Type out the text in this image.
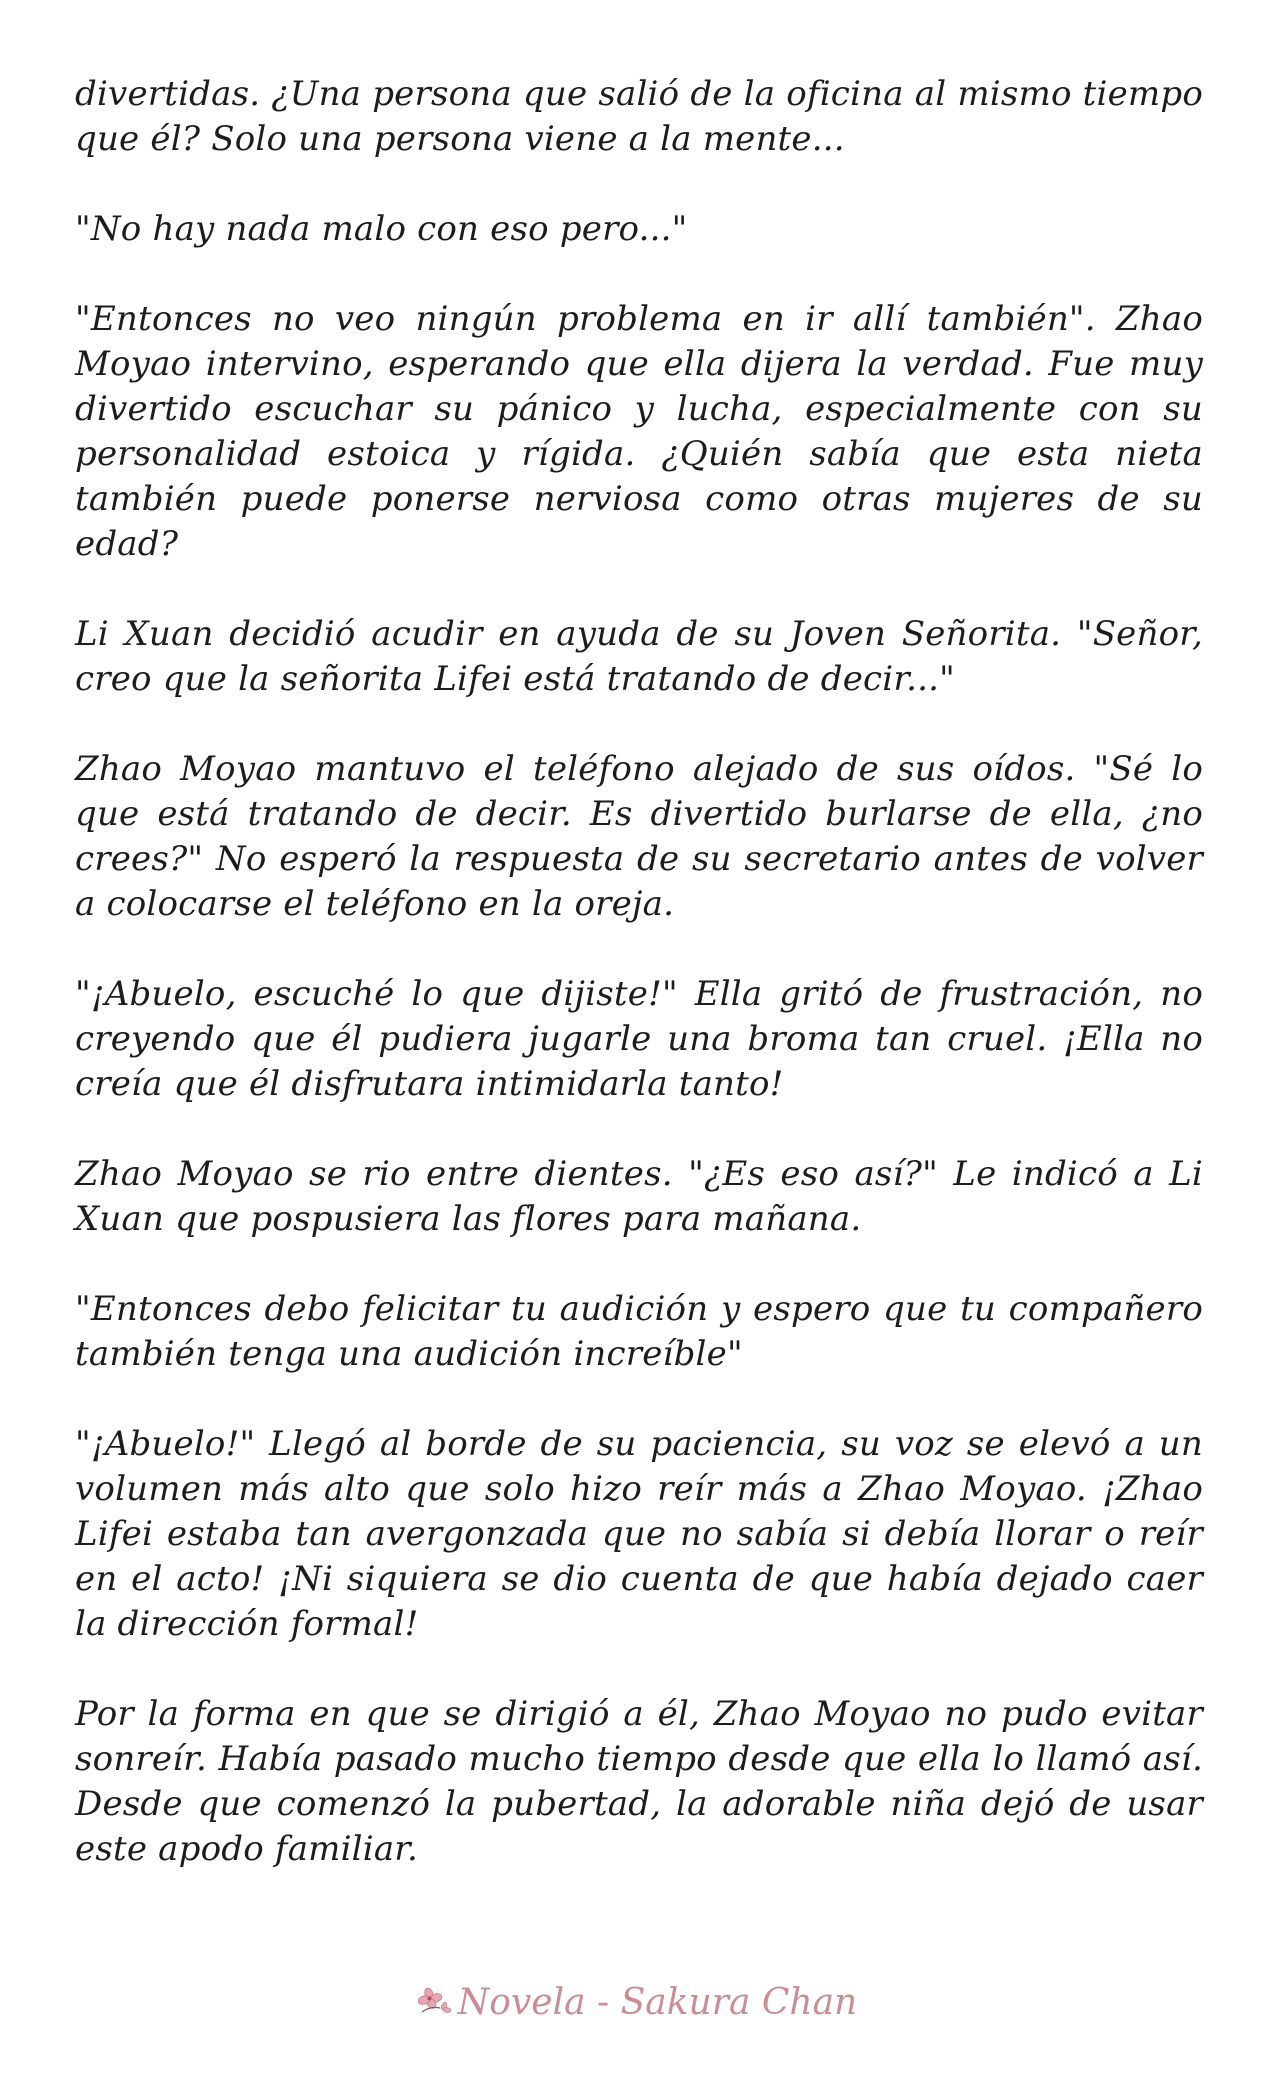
divertidas. ¿Una persona que salió de la oficina al mismo tiempo que él? Solo una persona viene a la mente...

"No hay nada malo con eso pero..."

"Entonces no veo ningún problema en ir allí también". Zhao Moyao intervino, esperando que ella dijera la verdad. Fue muy divertido escuchar su pánico y lucha, especialmente con su personalidad estoica y rígida. ¿Quién sabía que esta nieta también puede ponerse nerviosa como otras mujeres de su edad?

Li Xuan decidió acudir en ayuda de su Joven Señorita. "Señor, creo que la señorita Lifei está tratando de decir..."

Zhao Moyao mantuvo el teléfono alejado de sus oídos. "Sé lo que está tratando de decir. Es divertido burlarse de ella, ¿no crees?" No esperó la respuesta de su secretario antes de volver a colocarse el teléfono en la oreja.

"¡Abuelo, escuché lo que dijiste!" Ella gritó de frustración, no creyendo que él pudiera jugarle una broma tan cruel. ¡Ella no creía que él disfrutara intimidarla tanto!

Zhao Moyao se rio entre dientes. "¿Es eso así?" Le indicó a Li Xuan que pospusiera las flores para mañana.

"Entonces debo felicitar tu audición y espero que tu compañero también tenga una audición increíble"

"¡Abuelo!" Llegó al borde de su paciencia, su voz se elevó a un volumen más alto que solo hizo reír más a Zhao Moyao. ¡Zhao Lifei estaba tan avergonzada que no sabía si debía llorar o reír en el acto! ¡Ni siquiera se dio cuenta de que había dejado caer la dirección formal!

Por la forma en que se dirigió a él, Zhao Moyao no pudo evitar sonreír. Había pasado mucho tiempo desde que ella lo llamó así. Desde que comenzó la pubertad, la adorable niña dejó de usar este apodo familiar.

Novela - Sakura Chan
